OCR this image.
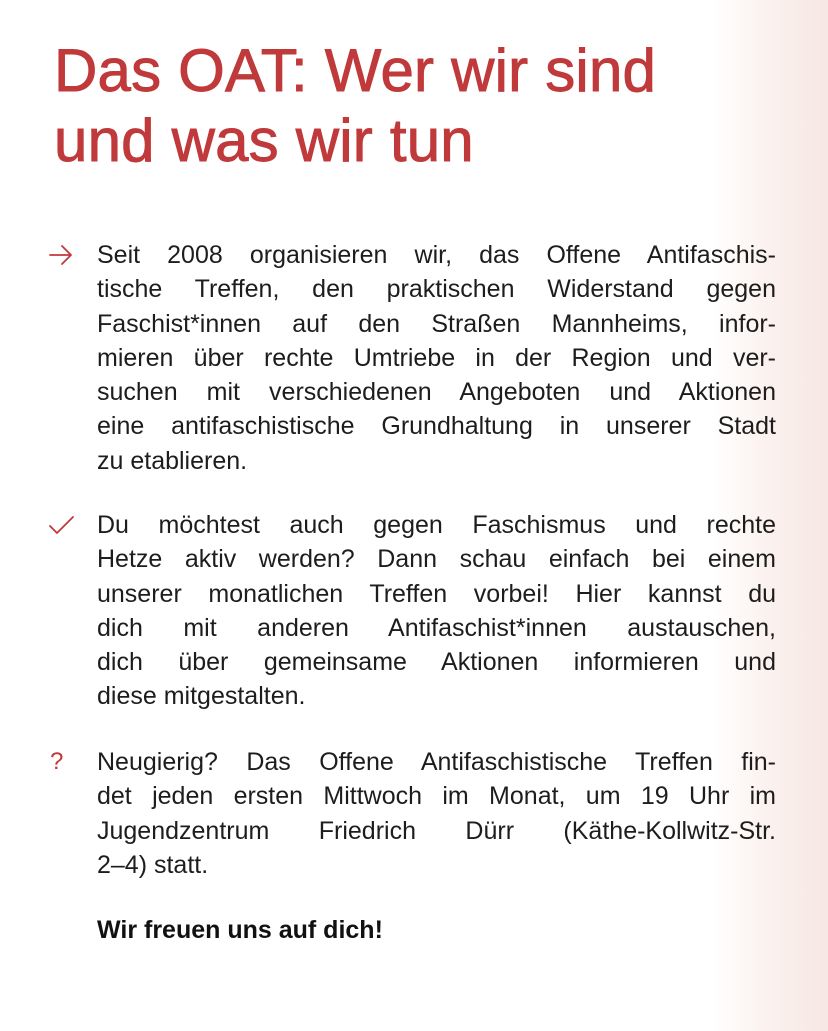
Das OAT: Wer wir sind
und was wir tun
Seit 2008 organisieren wir, das Offene Antifaschis-
tische Treffen, den praktischen Widerstand gegen
Faschist*innen auf den Straßen Mannheims, infor-
mieren über rechte Umtriebe in der Region und ver-
suchen mit verschiedenen Angeboten und Aktionen
eine antifaschistische Grundhaltung in unserer Stadt
zu etablieren.
Du möchtest auch gegen Faschismus und rechte
Hetze aktiv werden? Dann schau einfach bei einem
unserer monatlichen Treffen vorbei! Hier kannst du
dich mit anderen Antifaschist*innen austauschen,
dich über gemeinsame Aktionen informieren und
diese mitgestalten.
?	Neugierig? Das Offene Antifaschistische Treffen fin-
det jeden ersten Mittwoch im Monat, um 19 Uhr im
Jugendzentrum Friedrich Dürr (Käthe-Kollwitz-Str.
2–4) statt.
Wir freuen uns auf dich!
